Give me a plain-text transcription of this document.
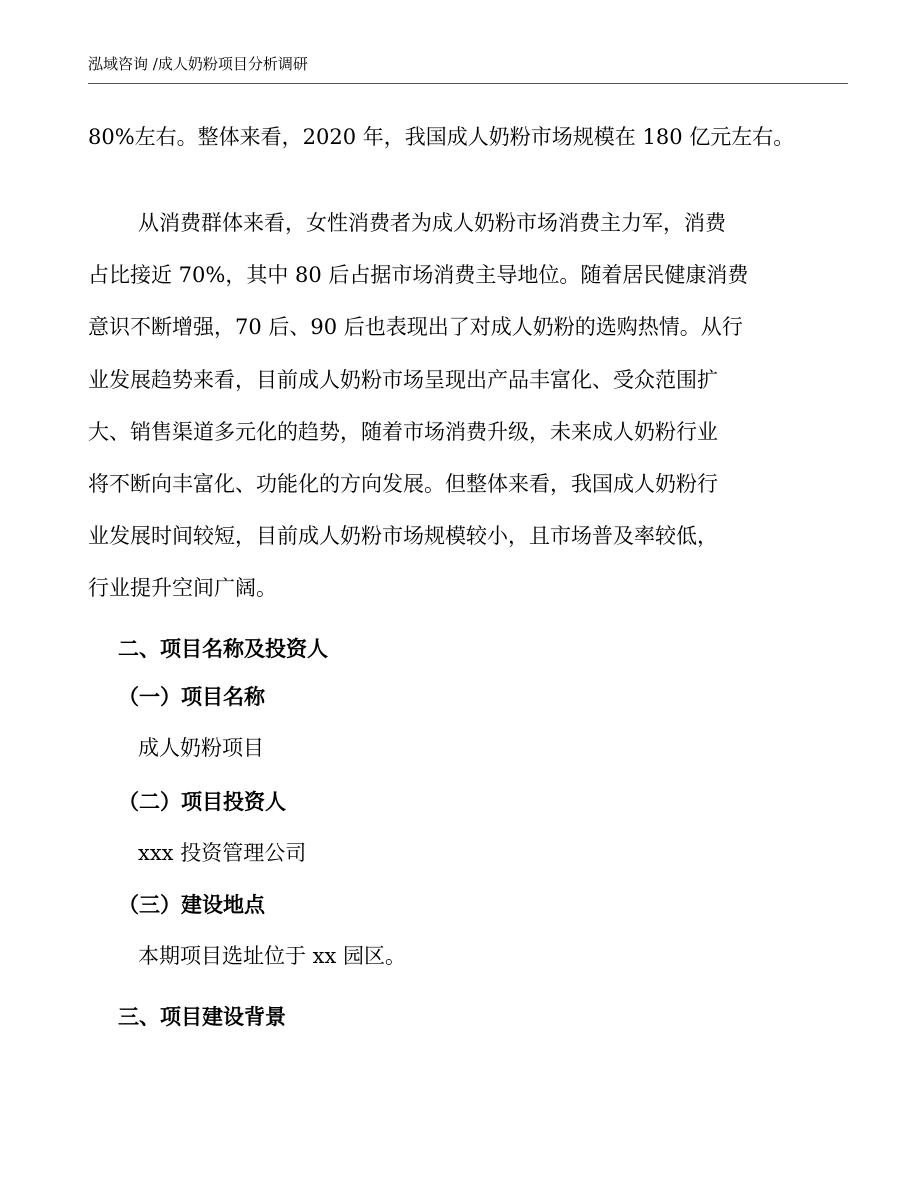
泓域咨询 /成人奶粉项目分析调研

80%左右。整体来看，2020 年，我国成人奶粉市场规模在 180 亿元左右。

从消费群体来看，女性消费者为成人奶粉市场消费主力军，消费

占比接近 70%，其中 80 后占据市场消费主导地位。随着居民健康消费

意识不断增强，70 后、90 后也表现出了对成人奶粉的选购热情。从行

业发展趋势来看，目前成人奶粉市场呈现出产品丰富化、受众范围扩

大、销售渠道多元化的趋势，随着市场消费升级，未来成人奶粉行业

将不断向丰富化、功能化的方向发展。但整体来看，我国成人奶粉行

业发展时间较短，目前成人奶粉市场规模较小，且市场普及率较低，

行业提升空间广阔。

二、项目名称及投资人
（一）项目名称

成人奶粉项目

（二）项目投资人

xxx 投资管理公司

（三）建设地点

本期项目选址位于 xx 园区。

三、项目建设背景
